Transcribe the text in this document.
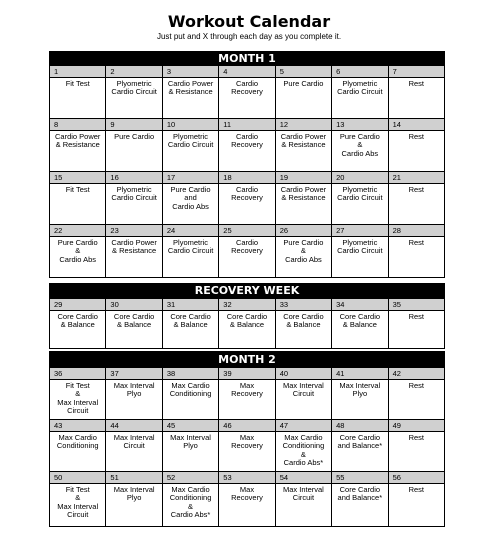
Workout Calendar
Just put and X through each day as you complete it.
MONTH 1
1
Fit Test
2
Plyometric
Cardio Circuit
3
Cardio Power
& Resistance
4
Cardio
Recovery
5
Pure Cardio
6
Plyometric
Cardio Circuit
7
Rest
8
Cardio Power
& Resistance
9
Pure Cardio
10
Plyometric
Cardio Circuit
11
Cardio
Recovery
12
Cardio Power
& Resistance
13
Pure Cardio
&
Cardio Abs
14
Rest
15
Fit Test
16
Plyometric
Cardio Circuit
17
Pure Cardio
and
Cardio Abs
18
Cardio
Recovery
19
Cardio Power
& Resistance
20
Plyometric
Cardio Circuit
21
Rest
22
Pure Cardio
&
Cardio Abs
23
Cardio Power
& Resistance
24
Plyometric
Cardio Circuit
25
Cardio
Recovery
26
Pure Cardio
&
Cardio Abs
27
Plyometric
Cardio Circuit
28
Rest
RECOVERY WEEK
29
Core Cardio
& Balance
30
Core Cardio
& Balance
31
Core Cardio
& Balance
32
Core Cardio
& Balance
33
Core Cardio
& Balance
34
Core Cardio
& Balance
35
Rest
MONTH 2
36
Fit Test
&
Max Interval
Circuit
37
Max Interval
Plyo
38
Max Cardio
Conditioning
39
Max
Recovery
40
Max Interval
Circuit
41
Max Interval
Plyo
42
Rest
43
Max Cardio
Conditioning
44
Max Interval
Circuit
45
Max Interval
Plyo
46
Max
Recovery
47
Max Cardio
Conditioning
&
Cardio Abs*
48
Core Cardio
and Balance*
49
Rest
50
Fit Test
&
Max Interval
Circuit
51
Max Interval
Plyo
52
Max Cardio
Conditioning
&
Cardio Abs*
53
Max
Recovery
54
Max Interval
Circuit
55
Core Cardio
and Balance*
56
Rest
